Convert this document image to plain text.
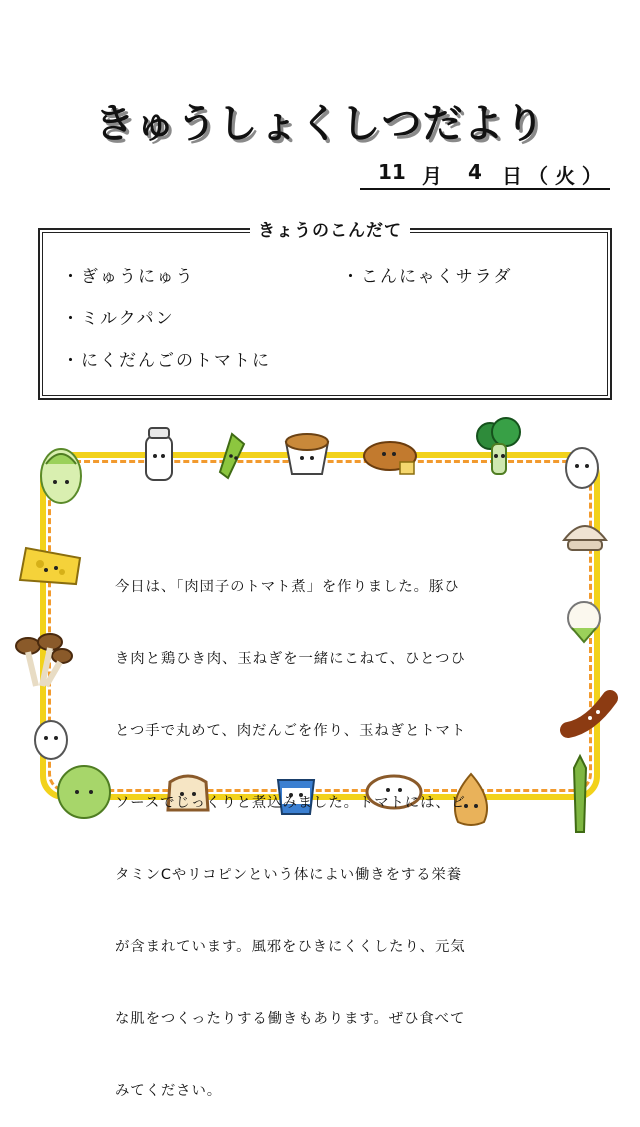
きゅうしょくしつだより

11

月

4

日

（ 火 ）

きょうのこんだて
・ぎゅうにゅう
・ミルクパン
・にくだんごのトマトに
・こんにゃくサラダ

今日は、「肉団子のトマト煮」を作りました。豚ひ

き肉と鶏ひき肉、玉ねぎを一緒にこねて、ひとつひ

とつ手で丸めて、肉だんごを作り、玉ねぎとトマト

ソースでじっくりと煮込みました。トマトには、ビ

タミンCやリコピンという体によい働きをする栄養

が含まれています。風邪をひきにくくしたり、元気

な肌をつくったりする働きもあります。ぜひ食べて

みてください。
